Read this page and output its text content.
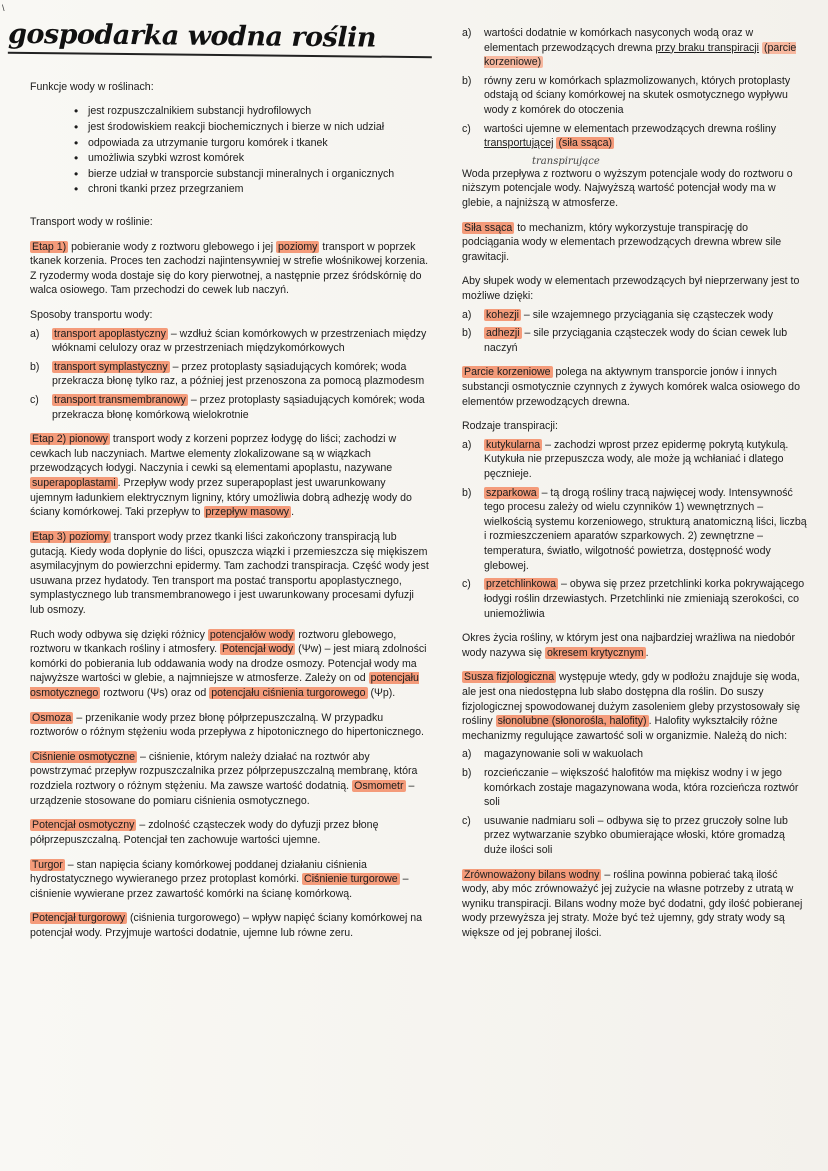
\
gospodarka wodna roślin
Funkcje wody w roślinach:
• jest rozpuszczalnikiem substancji hydrofilowych
• jest środowiskiem reakcji biochemicznych i bierze w nich udział
• odpowiada za utrzymanie turgoru komórek i tkanek
• umożliwia szybki wzrost komórek
• bierze udział w transporcie substancji mineralnych i organicznych
• chroni tkanki przez przegrzaniem

Transport wody w roślinie:

Etap 1) pobieranie wody z roztworu glebowego i jej poziomy transport w poprzek tkanek korzenia. Proces ten zachodzi najintensywniej w strefie włośnikowej korzenia. Z ryzodermy woda dostaje się do kory pierwotnej, a następnie przez śródskórnię do walca osiowego. Tam przechodzi do cewek lub naczyń.

Sposoby transportu wody:

a) transport apoplastyczny – wzdłuż ścian komórkowych w przestrzeniach między włóknami celulozy oraz w przestrzeniach międzykomórkowych
b) transport symplastyczny – przez protoplasty sąsiadujących komórek; woda przekracza błonę tylko raz, a później jest przenoszona za pomocą plazmodesm
c) transport transmembranowy – przez protoplasty sąsiadujących komórek; woda przekracza błonę komórkową wielokrotnie

Etap 2) pionowy transport wody z korzeni poprzez łodygę do liści; zachodzi w cewkach lub naczyniach. Martwe elementy zlokalizowane są w wiązkach przewodzących łodygi. Naczynia i cewki są elementami apoplastu, nazywane superapoplastami . Przepływ wody przez superapoplast jest uwarunkowany ujemnym ładunkiem elektrycznym ligniny, który umożliwia dobrą adhezję wody do ściany komórkowej. Taki przepływ to przepływ masowy .

Etap 3) poziomy transport wody przez tkanki liści zakończony transpiracją lub gutacją. Kiedy woda dopłynie do liści, opuszcza wiązki i przemieszcza się miękiszem asymilacyjnym do powierzchni epidermy. Tam zachodzi transpiracja. Część wody jest usuwana przez hydatody. Ten transport ma postać transportu apoplastycznego, symplastycznego lub transmembranowego i jest uwarunkowany procesami dyfuzji lub osmozy.

Ruch wody odbywa się dzięki różnicy potencjałów wody roztworu glebowego, roztworu w tkankach rośliny i atmosfery. Potencjał wody (Ψw) – jest miarą zdolności komórki do pobierania lub oddawania wody na drodze osmozy. Potencjał wody ma najwyższe wartości w glebie, a najmniejsze w atmosferze. Zależy on od potencjału osmotycznego roztworu (Ψs) oraz od potencjału ciśnienia turgorowego (Ψp).

Osmoza – przenikanie wody przez błonę półprzepuszczalną. W przypadku roztworów o różnym stężeniu woda przepływa z hipotonicznego do hipertonicznego.

Ciśnienie osmotyczne – ciśnienie, którym należy działać na roztwór aby powstrzymać przepływ rozpuszczalnika przez półprzepuszczalną membranę, która rozdziela roztwory o różnym stężeniu. Ma zawsze wartość dodatnią. Osmometr – urządzenie stosowane do pomiaru ciśnienia osmotycznego.

Potencjał osmotyczny – zdolność cząsteczek wody do dyfuzji przez błonę półprzepuszczalną. Potencjał ten zachowuje wartości ujemne.

Turgor – stan napięcia ściany komórkowej poddanej działaniu ciśnienia hydrostatycznego wywieranego przez protoplast komórki. Ciśnienie turgorowe – ciśnienie wywierane przez zawartość komórki na ścianę komórkową.

Potencjał turgorowy (ciśnienia turgorowego) – wpływ napięć ściany komórkowej na potencjał wody. Przyjmuje wartości dodatnie, ujemne lub równe zeru.

a) wartości dodatnie w komórkach nasyconych wodą oraz w elementach przewodzących drewna przy braku transpiracji (parcie korzeniowe)
b) równy zeru w komórkach splazmolizowanych, których protoplasty odstają od ściany komórkowej na skutek osmotycznego wypływu wody z komórek do otoczenia
c) wartości ujemne w elementach przewodzących drewna rośliny transportującej (siła ssąca)
transpirujące

Woda przepływa z roztworu o wyższym potencjale wody do roztworu o niższym potencjale wody. Najwyższą wartość potencjał wody ma w glebie, a najniższą w atmosferze.

Siła ssąca to mechanizm, który wykorzystuje transpirację do podciągania wody w elementach przewodzących drewna wbrew sile grawitacji.

Aby słupek wody w elementach przewodzących był nieprzerwany jest to możliwe dzięki:

a) kohezji – sile wzajemnego przyciągania się cząsteczek wody
b) adhezji – sile przyciągania cząsteczek wody do ścian cewek lub naczyń

Parcie korzeniowe polega na aktywnym transporcie jonów i innych substancji osmotycznie czynnych z żywych komórek walca osiowego do elementów przewodzących drewna.

Rodzaje transpiracji:

a) kutykularna – zachodzi wprost przez epidermę pokrytą kutykulą. Kutykuła nie przepuszcza wody, ale może ją wchłaniać i dlatego pęcznieje.
b) szparkowa – tą drogą rośliny tracą najwięcej wody. Intensywność tego procesu zależy od wielu czynników 1) wewnętrznych – wielkością systemu korzeniowego, strukturą anatomiczną liści, liczbą i rozmieszczeniem aparatów szparkowych. 2) zewnętrzne – temperatura, światło, wilgotność powietrza, dostępność wody glebowej.
c) przetchlinkowa – obywa się przez przetchlinki korka pokrywającego łodygi roślin drzewiastych. Przetchlinki nie zmieniają szerokości, co uniemożliwia

Okres życia rośliny, w którym jest ona najbardziej wrażliwa na niedobór wody nazywa się okresem krytycznym .

Susza fizjologiczna występuje wtedy, gdy w podłożu znajduje się woda, ale jest ona niedostępna lub słabo dostępna dla roślin. Do suszy fizjologicznej spowodowanej dużym zasoleniem gleby przystosowały się rośliny słonolubne (słonorośla, halofity) . Halofity wykształciły różne mechanizmy regulujące zawartość soli w organizmie. Należą do nich:

a) magazynowanie soli w wakuolach
b) rozcieńczanie – większość halofitów ma miękisz wodny i w jego komórkach zostaje magazynowana woda, która rozcieńcza roztwór soli
c) usuwanie nadmiaru soli – odbywa się to przez gruczoły solne lub przez wytwarzanie szybko obumierające włoski, które gromadzą duże ilości soli

Zrównoważony bilans wodny – roślina powinna pobierać taką ilość wody, aby móc zrównoważyć jej zużycie na własne potrzeby z utratą w wyniku transpiracji. Bilans wodny może być dodatni, gdy ilość pobieranej wody przewyższa jej straty. Może być też ujemny, gdy straty wody są większe od jej pobranej ilości.
